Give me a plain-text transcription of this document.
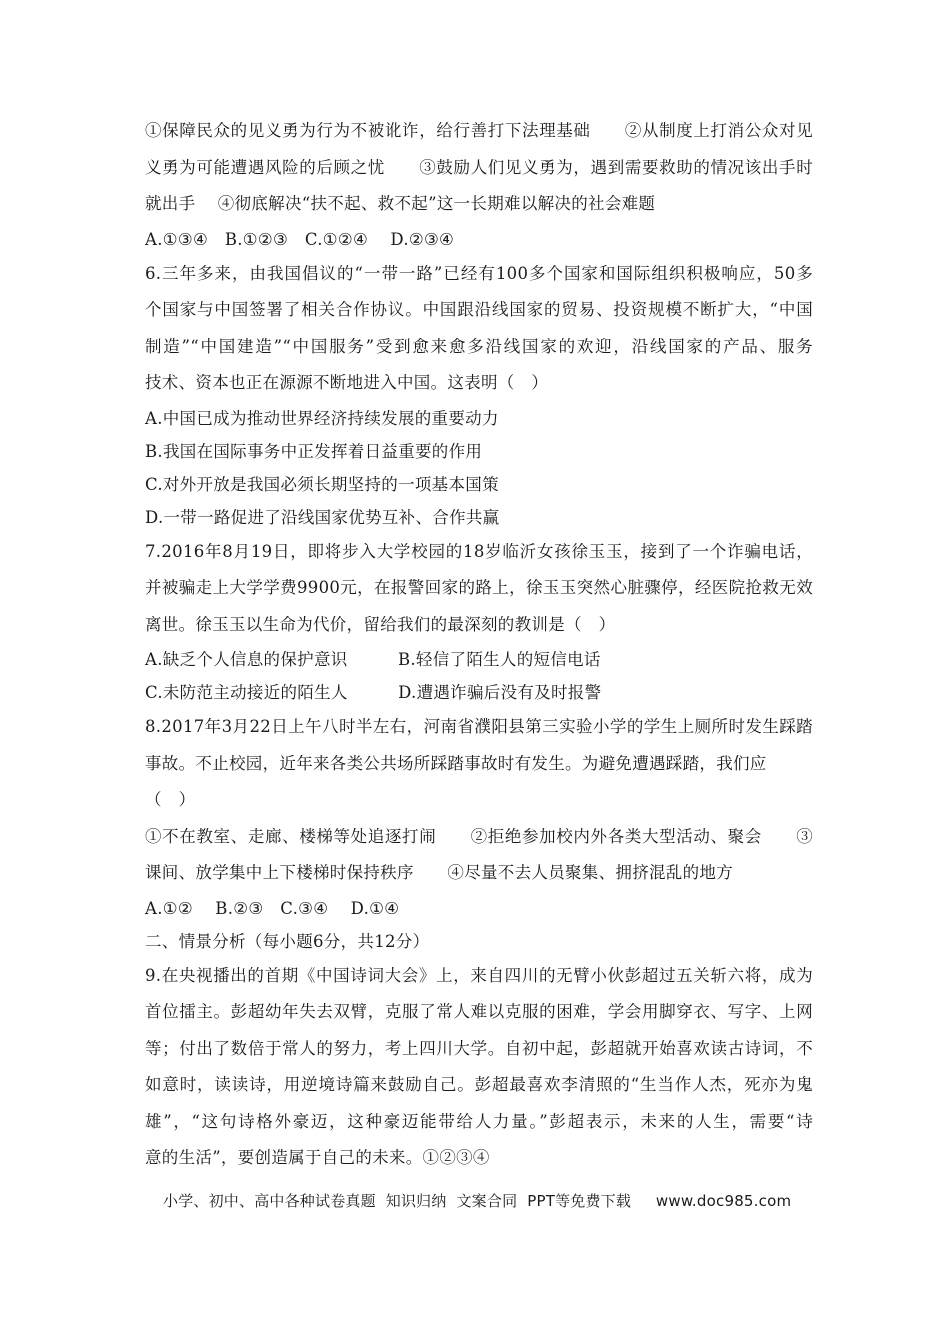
①保障民众的见义勇为行为不被讹诈，给行善打下法理基础　　②从制度上打消公众对见
义勇为可能遭遇风险的后顾之忧　　③鼓励人们见义勇为，遇到需要救助的情况该出手时
就出手　 ④彻底解决“扶不起、救不起”这一长期难以解决的社会难题
A.①③④　B.①②③　C.①②④　 D.②③④
6.三年多来，由我国倡议的“一带一路”已经有100多个国家和国际组织积极响应，50多
个国家与中国签署了相关合作协议。中国跟沿线国家的贸易、投资规模不断扩大，“中国
制造”“中国建造”“中国服务”受到愈来愈多沿线国家的欢迎，沿线国家的产品、服务
技术、资本也正在源源不断地进入中国。这表明（　）
A.中国已成为推动世界经济持续发展的重要动力
B.我国在国际事务中正发挥着日益重要的作用
C.对外开放是我国必须长期坚持的一项基本国策
D.一带一路促进了沿线国家优势互补、合作共赢
7.2016年8月19日，即将步入大学校园的18岁临沂女孩徐玉玉，接到了一个诈骗电话，
并被骗走上大学学费9900元，在报警回家的路上，徐玉玉突然心脏骤停，经医院抢救无效
离世。徐玉玉以生命为代价，留给我们的最深刻的教训是（　）
A.缺乏个人信息的保护意识　　　B.轻信了陌生人的短信电话
C.未防范主动接近的陌生人　　　D.遭遇诈骗后没有及时报警
8.2017年3月22日上午八时半左右，河南省濮阳县第三实验小学的学生上厕所时发生踩踏
事故。不止校园，近年来各类公共场所踩踏事故时有发生。为避免遭遇踩踏，我们应
（　）
①不在教室、走廊、楼梯等处追逐打闹　　②拒绝参加校内外各类大型活动、聚会　　③
课间、放学集中上下楼梯时保持秩序　　④尽量不去人员聚集、拥挤混乱的地方
A.①②　 B.②③　C.③④　 D.①④
二、情景分析（每小题6分，共12分）
9.在央视播出的首期《中国诗词大会》上，来自四川的无臂小伙彭超过五关斩六将，成为
首位擂主。彭超幼年失去双臂，克服了常人难以克服的困难，学会用脚穿衣、写字、上网
等；付出了数倍于常人的努力，考上四川大学。自初中起，彭超就开始喜欢读古诗词，不
如意时，读读诗，用逆境诗篇来鼓励自己。彭超最喜欢李清照的“生当作人杰，死亦为鬼
雄”，“这句诗格外豪迈，这种豪迈能带给人力量。”彭超表示，未来的人生，需要“诗
意的生活”，要创造属于自己的未来。①②③④
小学、初中、高中各种试卷真题  知识归纳  文案合同  PPT等免费下载     www.doc985.com
